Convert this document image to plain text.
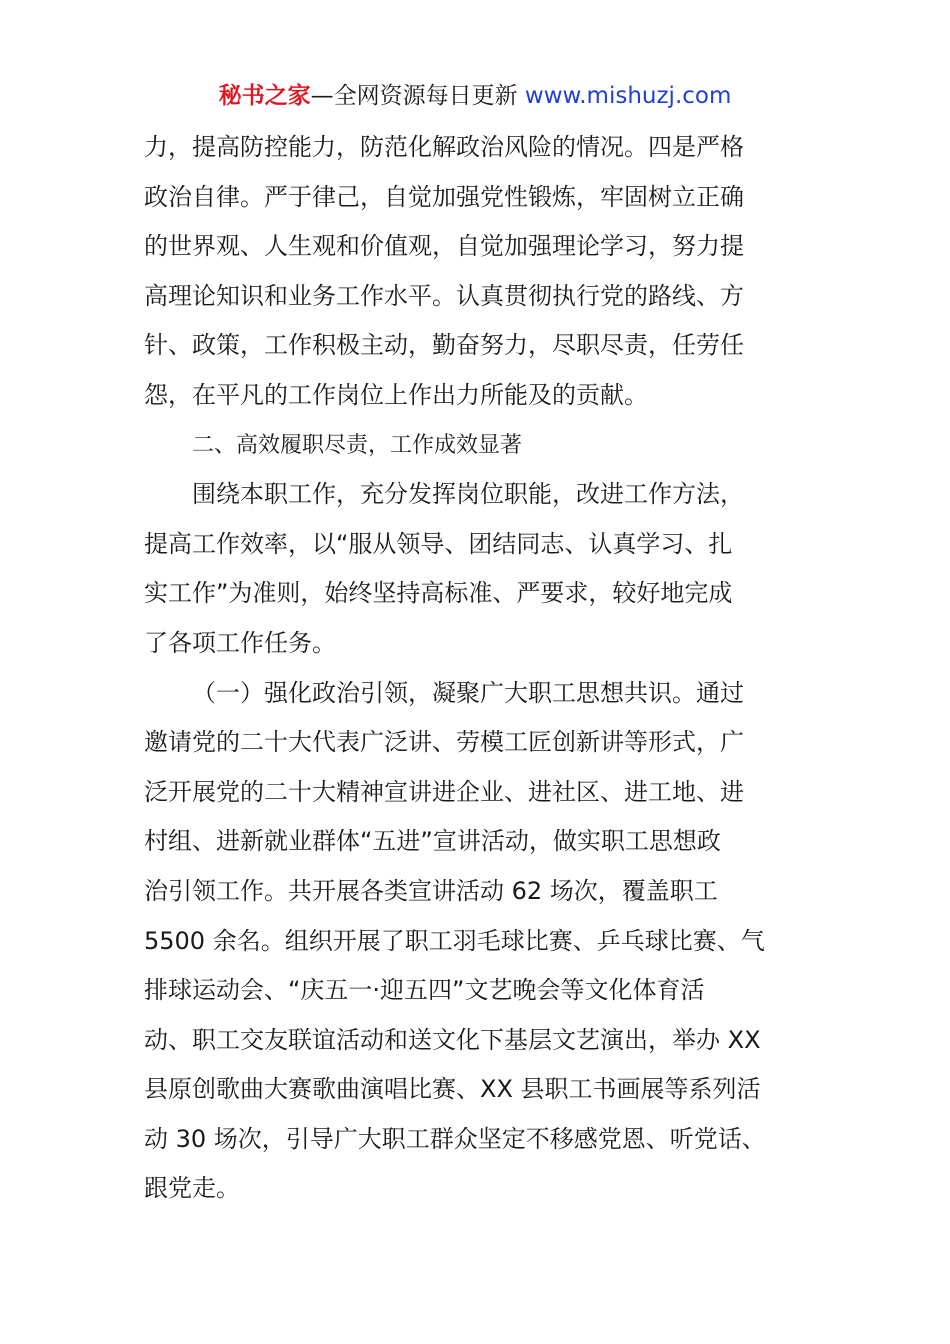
秘书之家—全网资源每日更新 www.mishuzj.com
力，提高防控能力，防范化解政治风险的情况。四是严格
政治自律。严于律己，自觉加强党性锻炼，牢固树立正确
的世界观、人生观和价值观，自觉加强理论学习，努力提
高理论知识和业务工作水平。认真贯彻执行党的路线、方
针、政策，工作积极主动，勤奋努力，尽职尽责，任劳任
怨，在平凡的工作岗位上作出力所能及的贡献。
二、高效履职尽责，工作成效显著
围绕本职工作，充分发挥岗位职能，改进工作方法，
提高工作效率，以“服从领导、团结同志、认真学习、扎
实工作”为准则，始终坚持高标准、严要求，较好地完成
了各项工作任务。
（一）强化政治引领，凝聚广大职工思想共识。通过
邀请党的二十大代表广泛讲、劳模工匠创新讲等形式，广
泛开展党的二十大精神宣讲进企业、进社区、进工地、进
村组、进新就业群体“五进”宣讲活动，做实职工思想政
治引领工作。共开展各类宣讲活动 62 场次，覆盖职工
5500 余名。组织开展了职工羽毛球比赛、乒乓球比赛、气
排球运动会、“庆五一·迎五四”文艺晚会等文化体育活
动、职工交友联谊活动和送文化下基层文艺演出，举办 XX
县原创歌曲大赛歌曲演唱比赛、XX 县职工书画展等系列活
动 30 场次，引导广大职工群众坚定不移感党恩、听党话、
跟党走。
